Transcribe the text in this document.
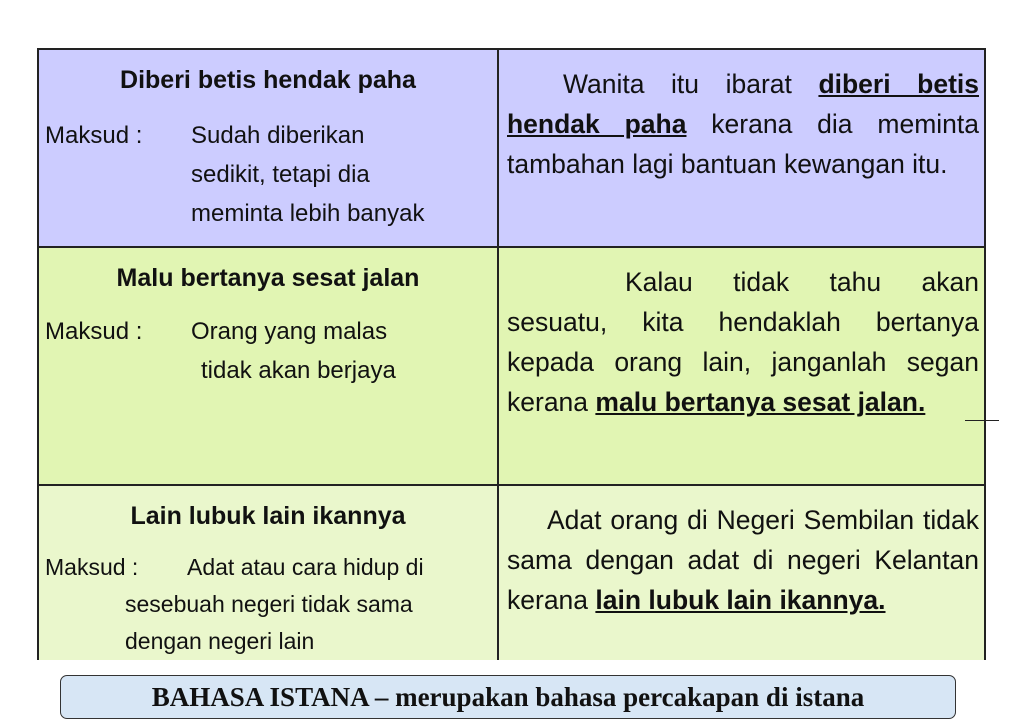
Diberi betis hendak paha
Maksud : Sudah diberikan
sedikit, tetapi dia
meminta lebih banyak
Wanita itu ibarat diberi betis hendak paha kerana dia meminta tambahan lagi bantuan kewangan itu.
Malu bertanya sesat jalan
Maksud : Orang yang malas
tidak akan berjaya
Kalau tidak tahu akan sesuatu, kita hendaklah bertanya kepada orang lain, janganlah segan kerana malu bertanya sesat jalan.
Lain lubuk lain ikannya
Maksud : Adat atau cara hidup di
sesebuah negeri tidak sama
dengan negeri lain
Adat orang di Negeri Sembilan tidak sama dengan adat di negeri Kelantan kerana lain lubuk lain ikannya.
BAHASA ISTANA – merupakan bahasa percakapan di istana
